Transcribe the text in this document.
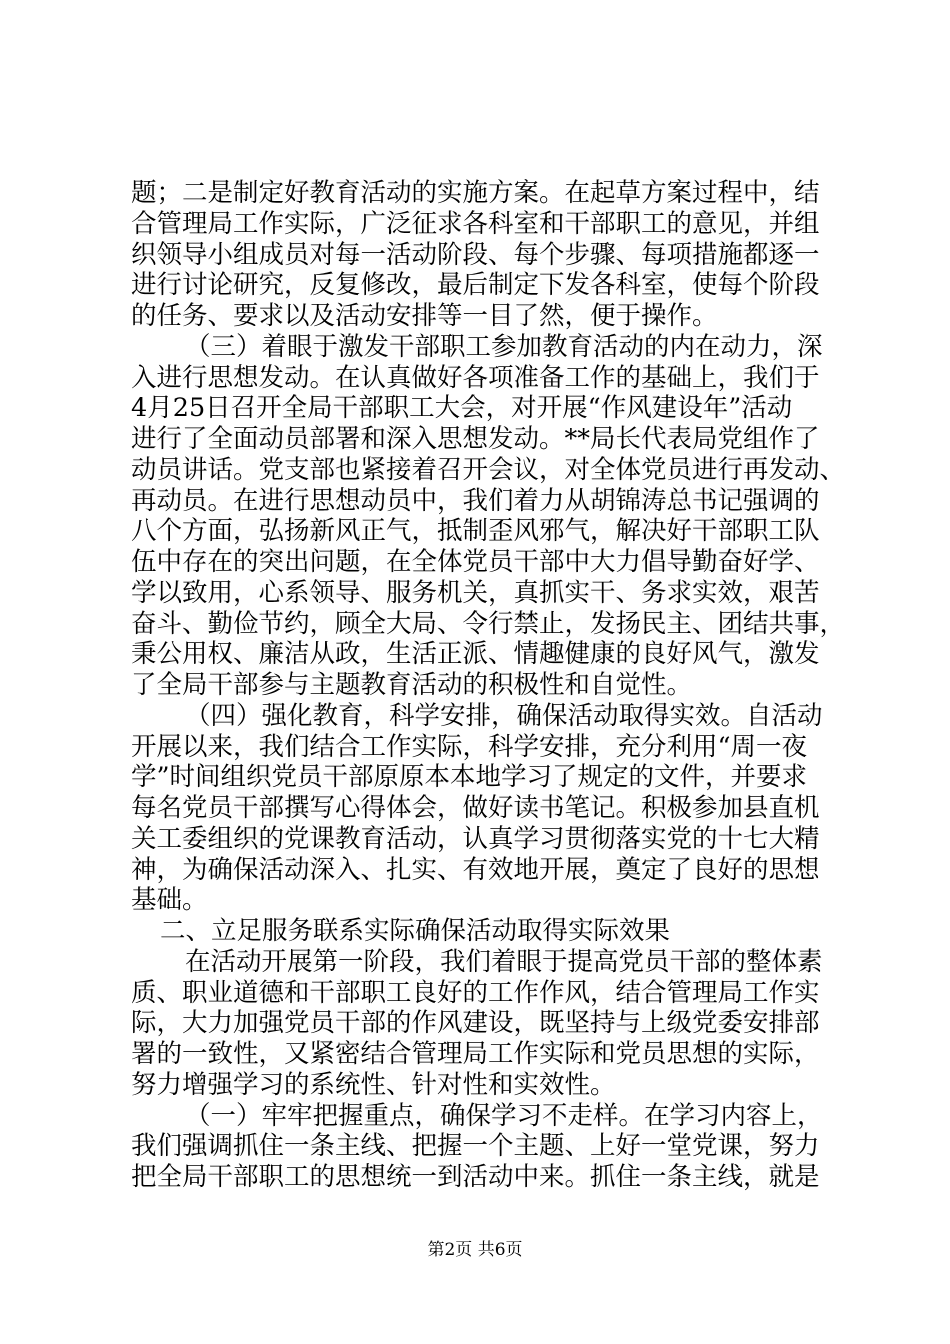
题；二是制定好教育活动的实施方案。在起草方案过程中，结
合管理局工作实际，广泛征求各科室和干部职工的意见，并组
织领导小组成员对每一活动阶段、每个步骤、每项措施都逐一
进行讨论研究，反复修改，最后制定下发各科室，使每个阶段
的任务、要求以及活动安排等一目了然，便于操作。
（三）着眼于激发干部职工参加教育活动的内在动力，深
入进行思想发动。在认真做好各项准备工作的基础上，我们于
4月25日召开全局干部职工大会，对开展“作风建设年”活动
进行了全面动员部署和深入思想发动。**局长代表局党组作了
动员讲话。党支部也紧接着召开会议，对全体党员进行再发动、
再动员。在进行思想动员中，我们着力从胡锦涛总书记强调的
八个方面，弘扬新风正气，抵制歪风邪气，解决好干部职工队
伍中存在的突出问题，在全体党员干部中大力倡导勤奋好学、
学以致用，心系领导、服务机关，真抓实干、务求实效，艰苦
奋斗、勤俭节约，顾全大局、令行禁止，发扬民主、团结共事，
秉公用权、廉洁从政，生活正派、情趣健康的良好风气，激发
了全局干部参与主题教育活动的积极性和自觉性。
（四）强化教育，科学安排，确保活动取得实效。自活动
开展以来，我们结合工作实际，科学安排，充分利用“周一夜
学”时间组织党员干部原原本本地学习了规定的文件，并要求
每名党员干部撰写心得体会，做好读书笔记。积极参加县直机
关工委组织的党课教育活动，认真学习贯彻落实党的十七大精
神，为确保活动深入、扎实、有效地开展，奠定了良好的思想
基础。
二、立足服务联系实际确保活动取得实际效果
在活动开展第一阶段，我们着眼于提高党员干部的整体素
质、职业道德和干部职工良好的工作作风，结合管理局工作实
际，大力加强党员干部的作风建设，既坚持与上级党委安排部
署的一致性，又紧密结合管理局工作实际和党员思想的实际，
努力增强学习的系统性、针对性和实效性。
（一）牢牢把握重点，确保学习不走样。在学习内容上，
我们强调抓住一条主线、把握一个主题、上好一堂党课，努力
把全局干部职工的思想统一到活动中来。抓住一条主线，就是
第2页 共6页
